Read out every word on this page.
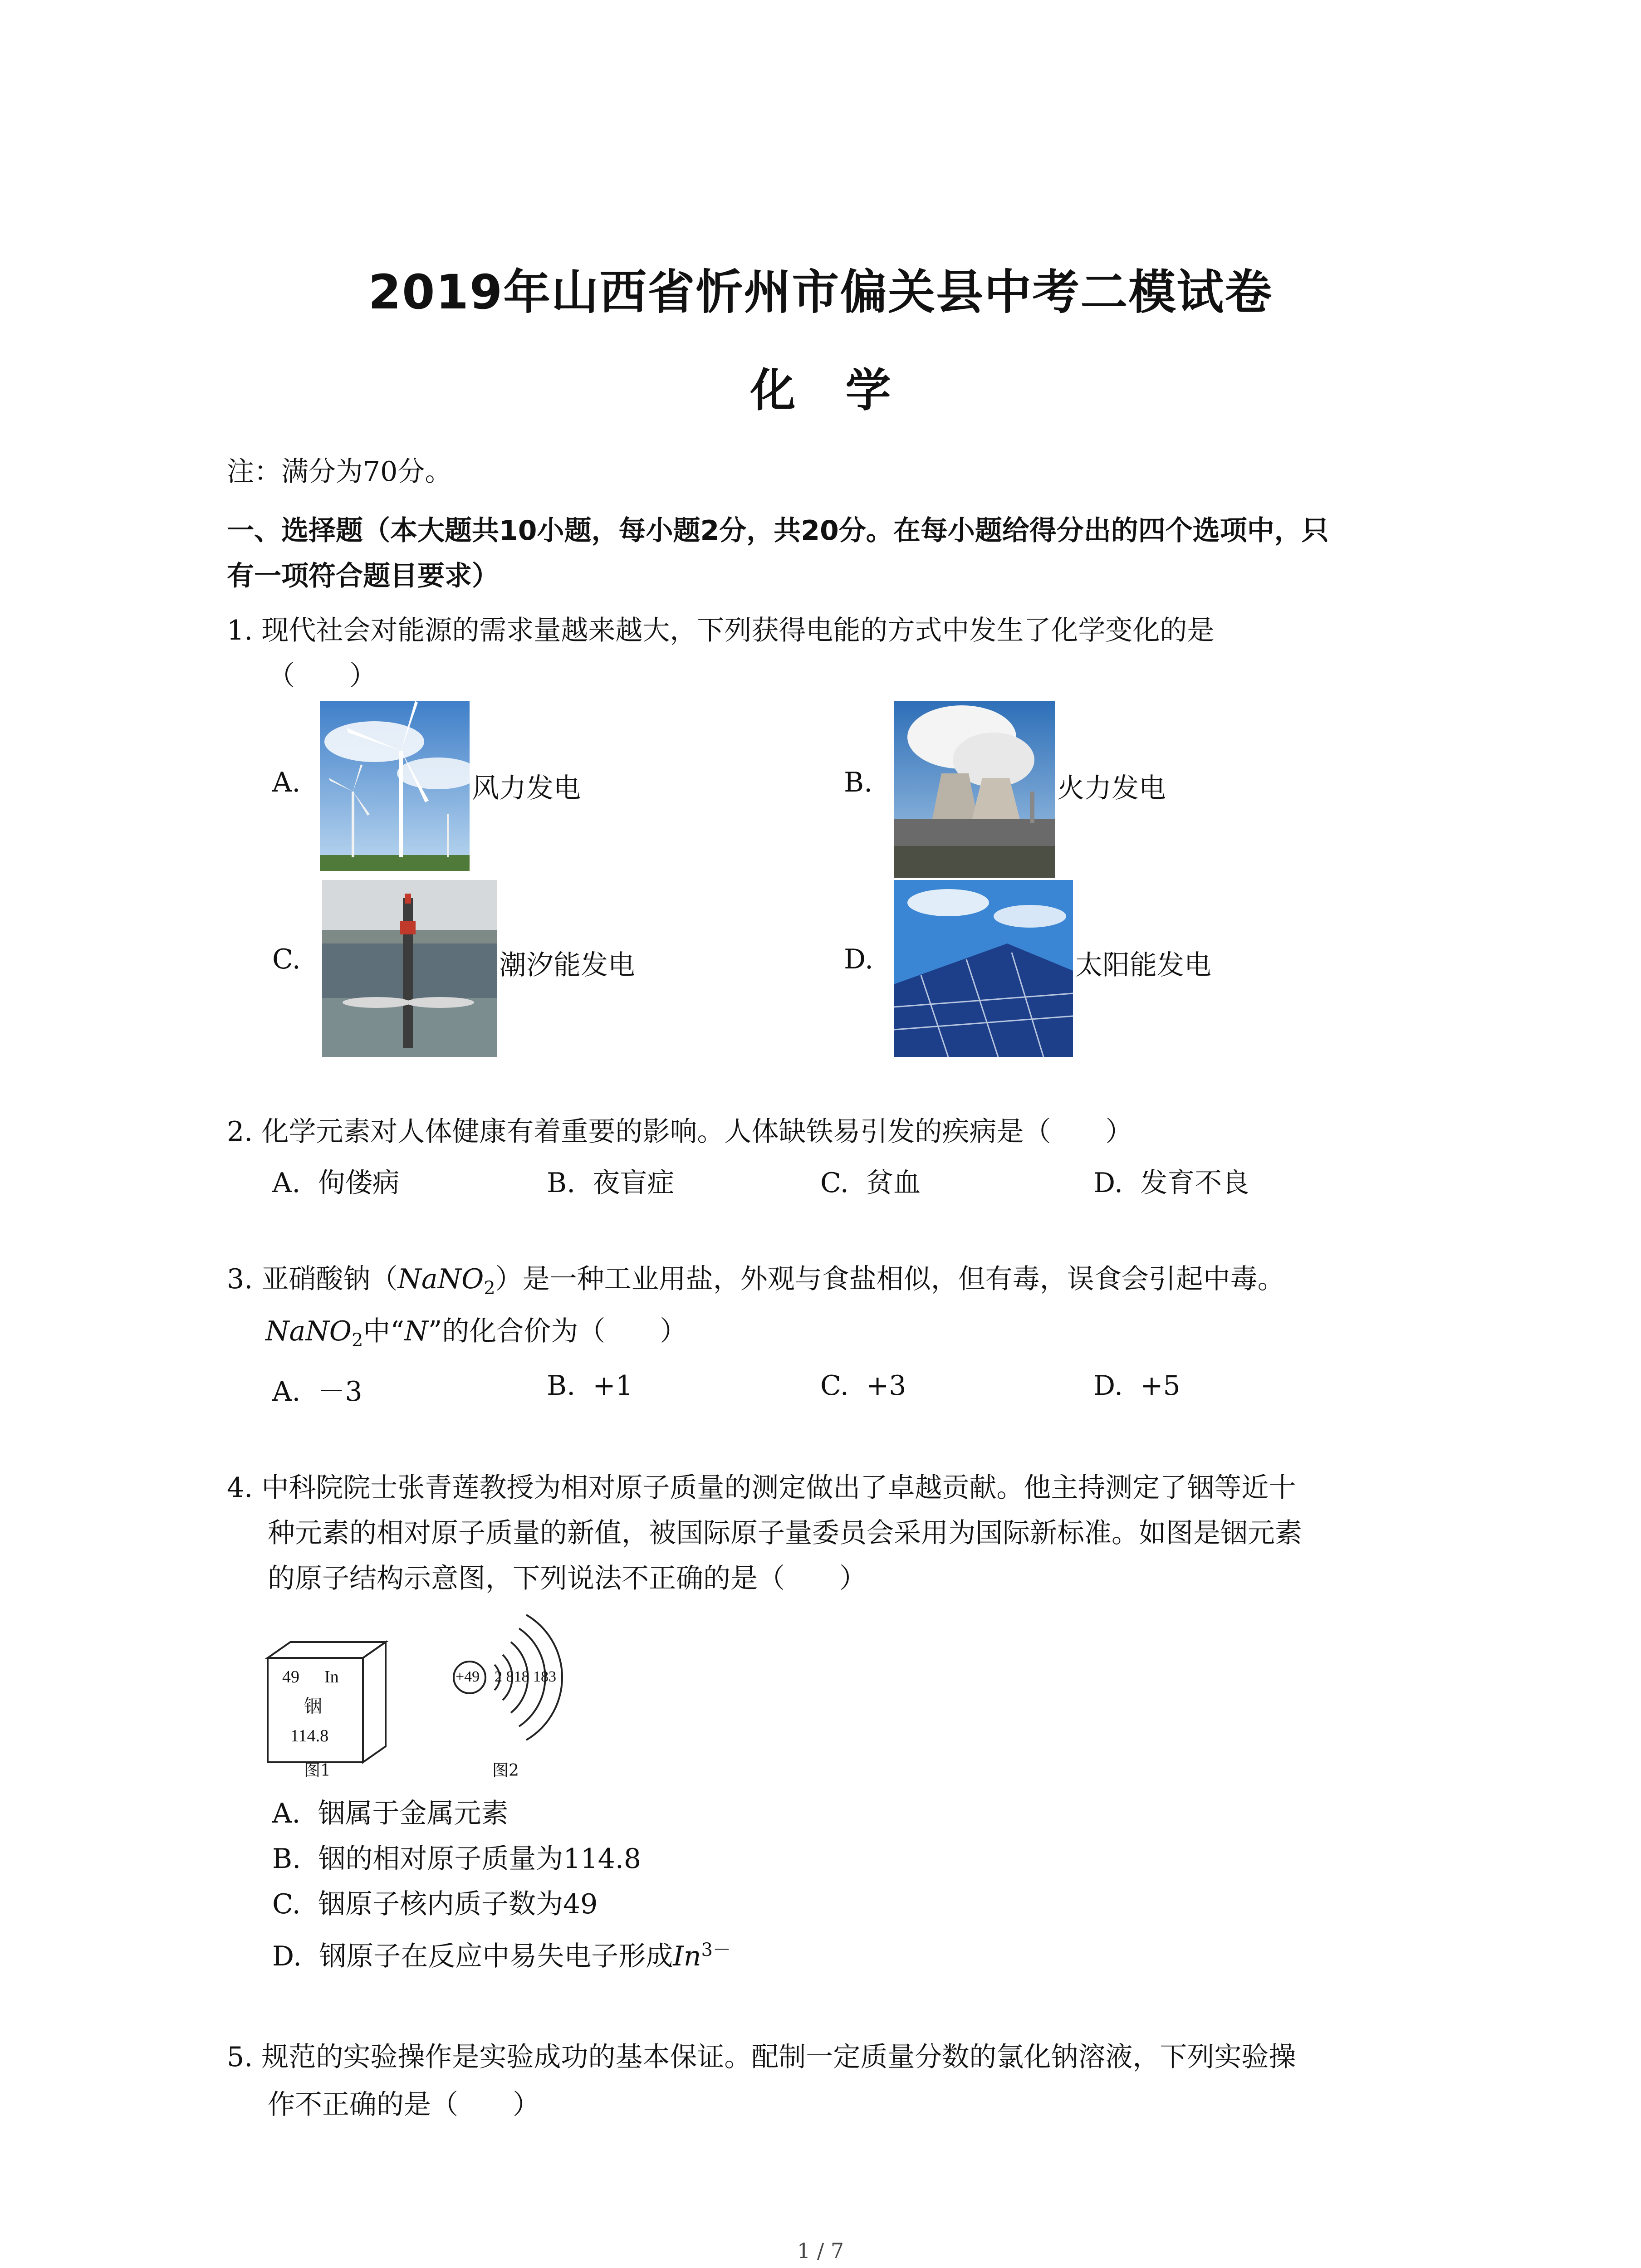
2019年山西省忻州市偏关县中考二模试卷
化学
注：满分为70分。
一、选择题（本大题共10小题，每小题2分，共20分。在每小题给得分出的四个选项中，只
有一项符合题目要求）
1. 现代社会对能源的需求量越来越大，下列获得电能的方式中发生了化学变化的是
（　　）
A.	风力发电	B.	火力发电
C.	潮汐能发电	D.	太阳能发电
2. 化学元素对人体健康有着重要的影响。人体缺铁易引发的疾病是（　　）
A. 佝偻病	B. 夜盲症	C. 贫血	D. 发育不良
3. 亚硝酸钠（NaNO$_2$）是一种工业用盐，外观与食盐相似，但有毒，误食会引起中毒。
NaNO$_2$中“N”的化合价为（　　）
A. －3	B. +1	C. +3	D. +5
4. 中科院院士张青莲教授为相对原子质量的测定做出了卓越贡献。他主持测定了铟等近十
种元素的相对原子质量的新值，被国际原子量委员会采用为国际新标准。如图是铟元素
的原子结构示意图，下列说法不正确的是（　　）
49 In
铟
114.8
图1
+49 2 818 183
图2
A. 铟属于金属元素
B. 铟的相对原子质量为114.8
C. 铟原子核内质子数为49
D. 钢原子在反应中易失电子形成$In^{3-}$
5. 规范的实验操作是实验成功的基本保证。配制一定质量分数的氯化钠溶液，下列实验操
作不正确的是（　　）
1 / 7
